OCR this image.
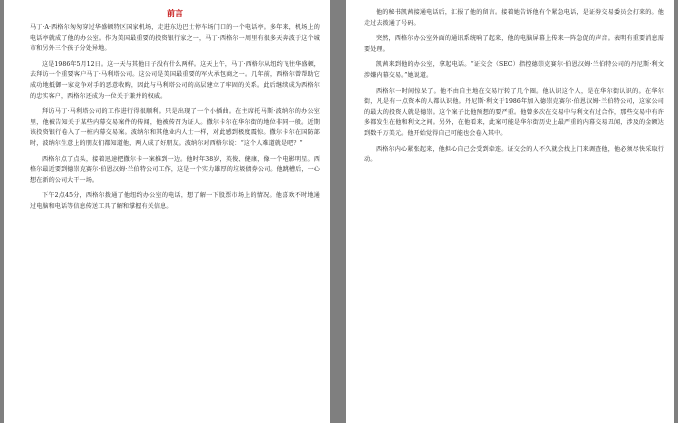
前言

马丁·A·西格尔匆匆穿过华盛顿特区国家机场，走进东边巴士停车场门口的一个电话亭。多年来，机场上的电话亭就成了他的办公室。作为美国最重要的投资银行家之一，马丁·西格尔一周里有很多天奔波于这个城市和另外三个孩子分处异地。

这是1986年5月12日。这一天与其他日子没有什么两样。这天上午，马丁·西格尔从纽约飞往华盛顿，去拜访一个重要客户马丁·马利塔公司。这公司是美国最重要的军火承包商之一。几年前，西格尔曾帮助它成功地抵御一家竞争对手的恶意收购，因此与马利塔公司的高层建立了牢固的关系。此后继续成为西格尔的忠实客户，西格尔还成为一位关于兼并的权威。

拜访马丁·马利塔公司的工作进行得很顺利。只是出现了一个小插曲。在主席托马斯·波纳尔的办公室里，他被告知关于某些内幕交易案件的传闻，他被传召为证人。撒尔卡尔在华尔街的地位非同一般。近期该投资银行卷入了一桩内幕交易案。波纳尔和其他业内人士一样，对此感到极度震惊。撒尔卡尔在国防部时，波纳尔生意上的朋友们都知道他，两人成了好朋友。波纳尔对西格尔说：“这个人难道就是吧？”

西格尔点了点头，接着迅速把撒尔卡一案推到一边。他时年38岁，英俊、健康，像一个电影明星。西格尔最近要到德崇克赛尔·伯恩汉姆·兰伯特公司工作，这是一个实力雄厚的垃圾债券公司。他跳槽后，一心想在新的公司大干一场。

下午2点45分，西格尔拨通了他纽约办公室的电话，想了解一下股票市场上的情况。他喜欢不时地通过电脑和电话等信息传送工具了解和掌握有关信息。

他的秘书凯茜接通电话后，汇报了他的留言。接着她告诉他有个紧急电话，是证券交易委员会打来的。他走过去拨通了号码。

突然，西格尔办公室外面的通讯系统响了起来，他的电脑屏幕上传来一阵急促的声音。表明有重要消息需要处理。

凯茜来到他的办公室，拿起电话。“证交会（SEC）指控德崇克赛尔·伯恩汉姆·兰伯特公司的丹尼斯·利文涉嫌内幕交易。”她说道。

西格尔一时间惊呆了。他不由自主地在交易厅转了几个圈。他认识这个人，是在华尔街认识的。在华尔街，凡是有一点资本的人都认识他。丹尼斯·利文于1986年加入德崇克赛尔·伯恩汉姆·兰伯特公司，这家公司的最大的投资人就是德崇。这个案子比他预想的要严重。他曾多次在交易中与利文有过合作，那些交易中有许多都发生在他和利文之间。另外，在他看来，此案可能是华尔街历史上最严重的内幕交易丑闻，涉及的金额达到数千万美元。他开始觉得自己可能也会卷入其中。

西格尔内心紧张起来，他担心自己会受到牵连。证交会的人不久就会找上门来调查他，他必须尽快采取行动。
